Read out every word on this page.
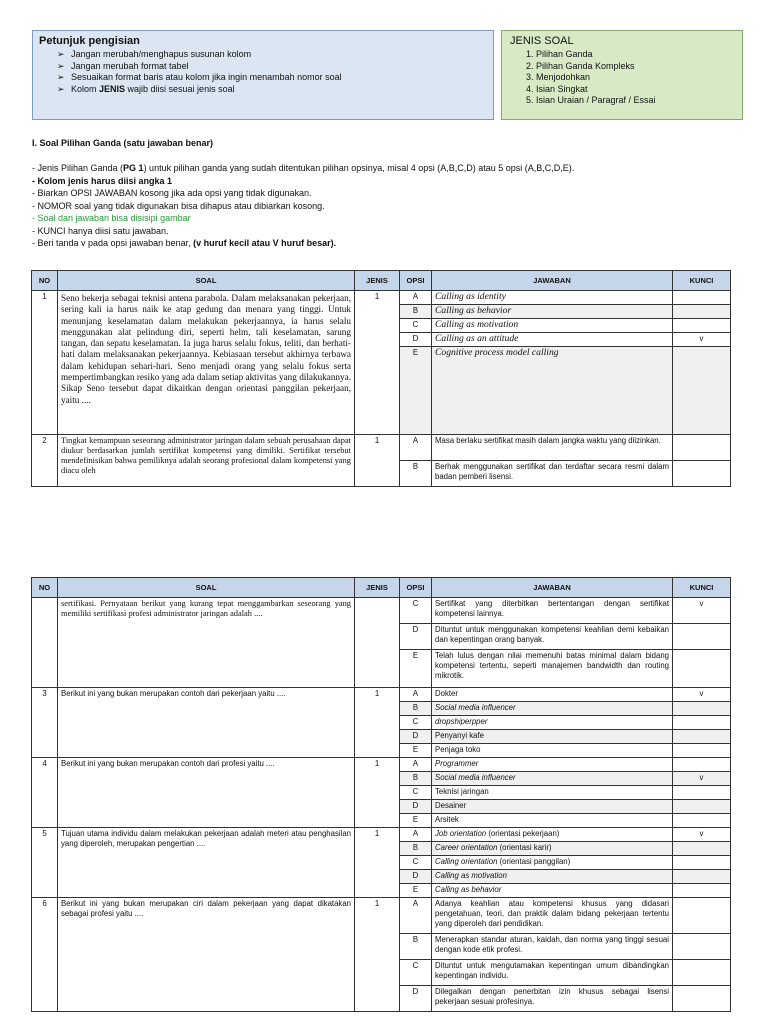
Petunjuk pengisian
➢ Jangan merubah/menghapus susunan kolom
➢ Jangan merubah format tabel
➢ Sesuaikan format baris atau kolom jika ingin menambah nomor soal
➢ Kolom JENIS wajib diisi sesuai jenis soal
JENIS SOAL
1. Pilihan Ganda
2. Pilihan Ganda Kompleks
3. Menjodohkan
4. Isian Singkat
5. Isian Uraian / Paragraf / Essai
I. Soal Pilihan Ganda (satu jawaban benar)
- Jenis Pilihan Ganda (PG 1) untuk pilihan ganda yang sudah ditentukan pilihan opsinya, misal 4 opsi (A,B,C,D) atau 5 opsi (A,B,C,D,E).
- Kolom jenis harus diisi angka 1
- Biarkan OPSI JAWABAN kosong jika ada opsi yang tidak digunakan.
- NOMOR soal yang tidak digunakan bisa dihapus atau dibiarkan kosong.
- Soal dan jawaban bisa disisipi gambar
- KUNCI hanya diisi satu jawaban.
- Beri tanda v pada opsi jawaban benar, (v huruf kecil atau V huruf besar).
NO	SOAL	JENIS	OPSI	JAWABAN	KUNCI
1	Seno bekerja sebagai teknisi antena parabola. Dalam melaksanakan pekerjaan, sering kali ia harus naik ke atap gedung dan menara yang tinggi. Untuk menunjang keselamatan dalam melakukan pekerjaannya, ia harus selalu menggunakan alat pelindung diri, seperti helm, tali keselamatan, sarung tangan, dan sepatu keselamatan. Ia juga harus selalu fokus, teliti, dan berhati-hati dalam melaksanakan pekerjaannya. Kebiasaan tersebut akhirnya terbawa dalam kehidupan sehari-hari. Seno menjadi orang yang selalu fokus serta mempertimbangkan resiko yang ada dalam setiap aktivitas yang dilakukannya. Sikap Seno tersebut dapat dikaitkan dengan orientasi panggilan pekerjaan, yaitu ....	1	A	Calling as identity	
			B	Calling as behavior	
			C	Calling as motivation	
			D	Calling as an attitude	v
			E	Cognitive process model calling	
2	Tingkat kemampuan seseorang administrator jaringan dalam sebuah perusahaan dapat diukur berdasarkan jumlah sertifikat kompetensi yang dimiliki. Sertifikat tersebut mendefinisikan bahwa pemiliknya adalah seorang profesional dalam kompetensi yang diacu oleh	1	A	Masa berlaku sertifikat masih dalam jangka waktu yang diizinkan.	
			B	Berhak menggunakan sertifikat dan terdaftar secara resmi dalam badan pemberi lisensi.	
NO	SOAL	JENIS	OPSI	JAWABAN	KUNCI
	sertifikasi. Pernyataan berikut yang kurang tepat menggambarkan seseorang yang memiliki sertifikasi profesi administrator jaringan adalah ....		C	Sertifikat yang diterbitkan bertentangan dengan sertifikat kompetensi lainnya.	v
			D	Dituntut untuk menggunakan kompetensi keahlian demi kebaikan dan kepentingan orang banyak.	
			E	Telah lulus dengan nilai memenuhi batas minimal dalam bidang kompetensi tertentu, seperti manajemen bandwidth dan routing mikrotik.	
3	Berikut ini yang bukan merupakan contoh dari pekerjaan yaitu ....	1	A	Dokter	v
			B	Social media influencer	
			C	dropshiperpper	
			D	Penyanyi kafe	
			E	Penjaga toko	
4	Berikut ini yang bukan merupakan contoh dari profesi yaitu ....	1	A	Programmer	
			B	Social media influencer	v
			C	Teknisi jaringan	
			D	Desainer	
			E	Arsitek	
5	Tujuan utama individu dalam melakukan pekerjaan adalah meteri atau penghasilan yang diperoleh, merupakan pengertian ....	1	A	Job orientation (orientasi pekerjaan)	v
			B	Career orientation (orientasi karir)	
			C	Calling orientation (orientasi panggilan)	
			D	Calling as motivation	
			E	Calling as behavior	
6	Berikut ini yang bukan merupakan ciri dalam pekerjaan yang dapat dikatakan sebagai profesi yaitu ....	1	A	Adanya keahlian atau kompetensi khusus yang didasari pengetahuan, teori, dan praktik dalam bidang pekerjaan tertentu yang diperoleh dari pendidikan.	
			B	Menerapkan standar aturan, kaidah, dan norma yang tinggi sesuai dengan kode etik profesi.	
			C	Dituntut untuk mengutamakan kepentingan umum dibandingkan kepentingan individu.	
			D	Dilegalkan dengan penerbitan izin khusus sebagai lisensi pekerjaan sesuai profesinya.	
